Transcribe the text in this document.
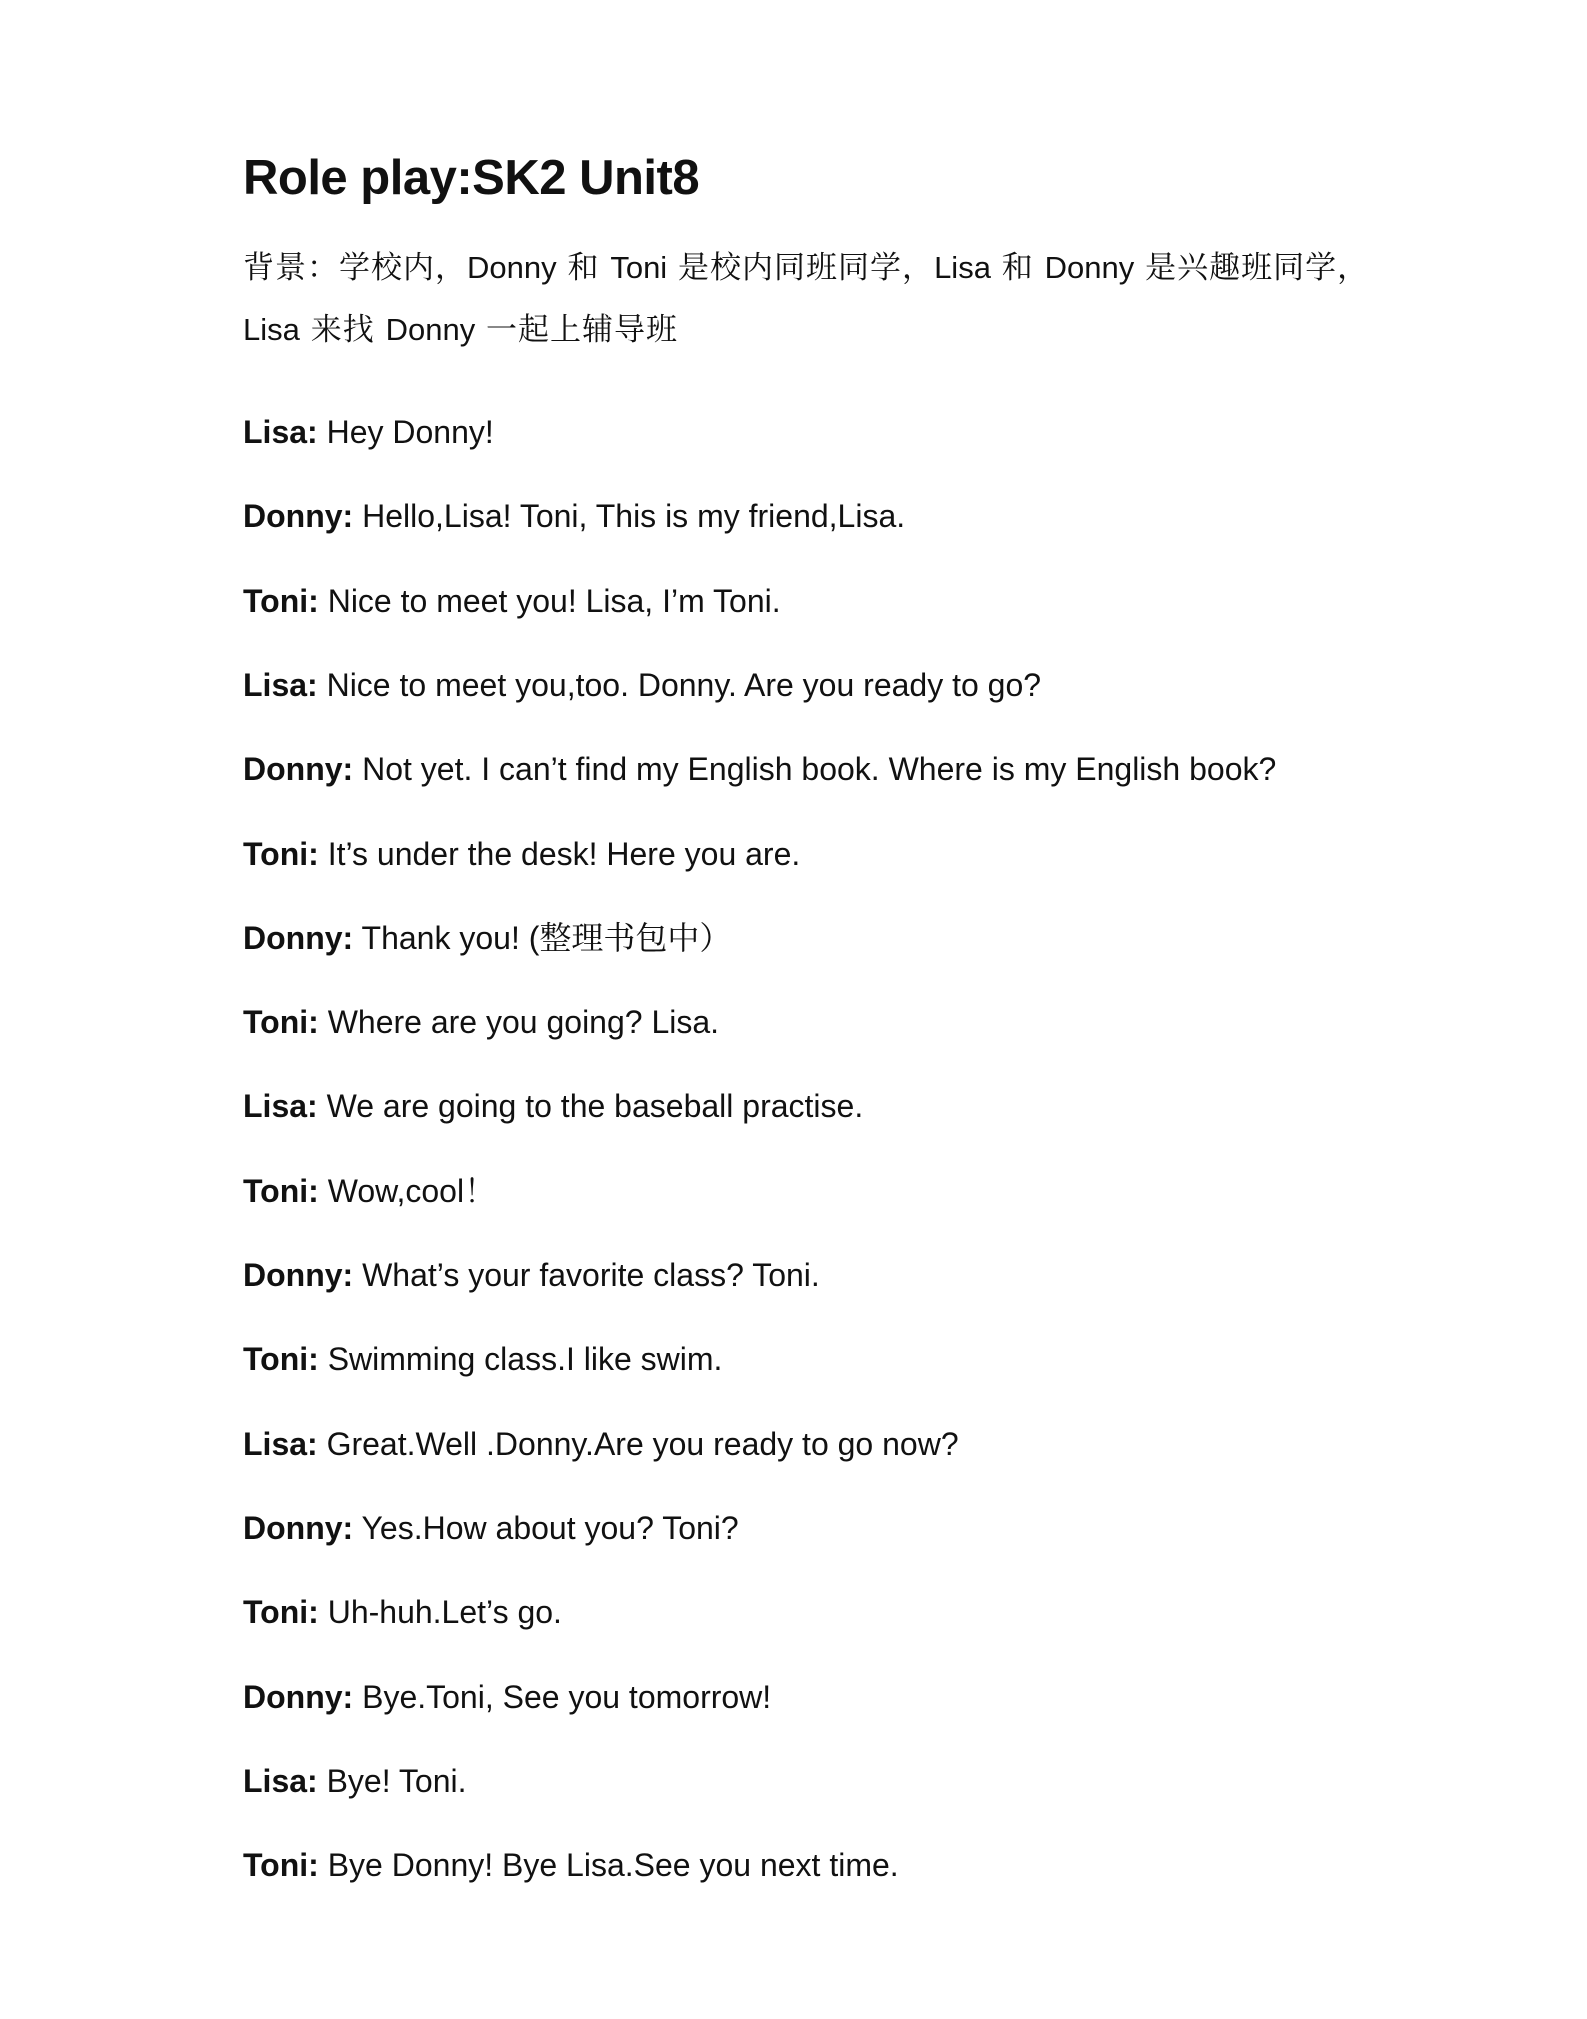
Role play:SK2 Unit8

背景：学校内，Donny 和 Toni 是校内同班同学，Lisa 和 Donny 是兴趣班同学，Lisa 来找 Donny 一起上辅导班

Lisa: Hey Donny!
Donny: Hello,Lisa! Toni, This is my friend,Lisa.
Toni: Nice to meet you! Lisa, I’m Toni.
Lisa: Nice to meet you,too. Donny. Are you ready to go?
Donny: Not yet. I can’t find my English book. Where is my English book?
Toni: It’s under the desk! Here you are.
Donny: Thank you! (整理书包中）
Toni: Where are you going? Lisa.
Lisa: We are going to the baseball practise.
Toni: Wow,cool！
Donny: What’s your favorite class? Toni.
Toni: Swimming class.I like swim.
Lisa: Great.Well .Donny.Are you ready to go now?
Donny: Yes.How about you? Toni?
Toni: Uh-huh.Let’s go.
Donny: Bye.Toni, See you tomorrow!
Lisa: Bye! Toni.
Toni: Bye Donny! Bye Lisa.See you next time.
